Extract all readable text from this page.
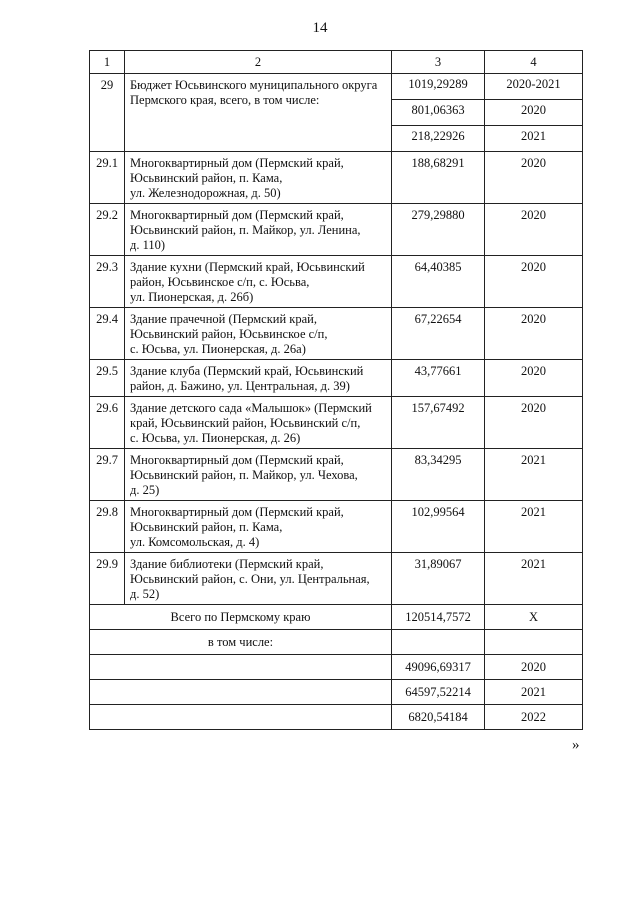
14
1	2	3	4
29	Бюджет Юсьвинского муниципального округа Пермского края, всего, в том числе:	1019,29289	2020-2021
		801,06363	2020
		218,22926	2021
29.1	Многоквартирный дом (Пермский край,
Юсьвинский район, п. Кама,
ул. Железнодорожная, д. 50)	188,68291	2020
29.2	Многоквартирный дом (Пермский край,
Юсьвинский район, п. Майкор, ул. Ленина,
д. 110)	279,29880	2020
29.3	Здание кухни (Пермский край, Юсьвинский
район, Юсьвинское с/п, с. Юсьва,
ул. Пионерская, д. 26б)	64,40385	2020
29.4	Здание прачечной (Пермский край,
Юсьвинский район, Юсьвинское с/п,
с. Юсьва, ул. Пионерская, д. 26а)	67,22654	2020
29.5	Здание клуба (Пермский край, Юсьвинский
район, д. Бажино, ул. Центральная, д. 39)	43,77661	2020
29.6	Здание детского сада «Малышок» (Пермский
край, Юсьвинский район, Юсьвинский с/п,
с. Юсьва, ул. Пионерская, д. 26)	157,67492	2020
29.7	Многоквартирный дом (Пермский край,
Юсьвинский район, п. Майкор, ул. Чехова,
д. 25)	83,34295	2021
29.8	Многоквартирный дом (Пермский край,
Юсьвинский район, п. Кама,
ул. Комсомольская, д. 4)	102,99564	2021
29.9	Здание библиотеки (Пермский край,
Юсьвинский район, с. Они, ул. Центральная,
д. 52)	31,89067	2021
Всего по Пермскому краю		120514,7572	Х
в том числе:			
		49096,69317	2020
		64597,52214	2021
		6820,54184	2022
»
